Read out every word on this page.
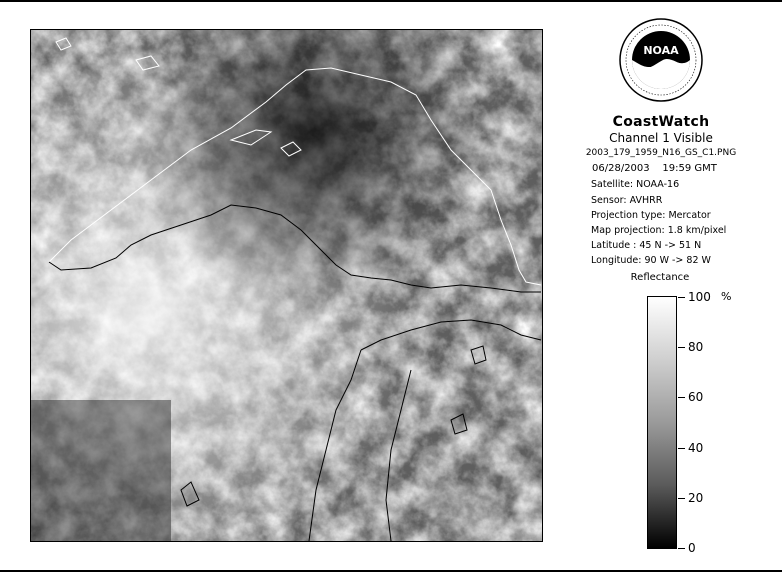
NOAA
CoastWatch
Channel 1 Visible
2003_179_1959_N16_GS_C1.PNG
06/28/2003 19:59 GMT
Satellite: NOAA-16
Sensor: AVHRR
Projection type: Mercator
Map projection: 1.8 km/pixel
Latitude : 45 N -> 51 N
Longitude: 90 W -> 82 W
Reflectance
%
100
80
60
40
20
0
